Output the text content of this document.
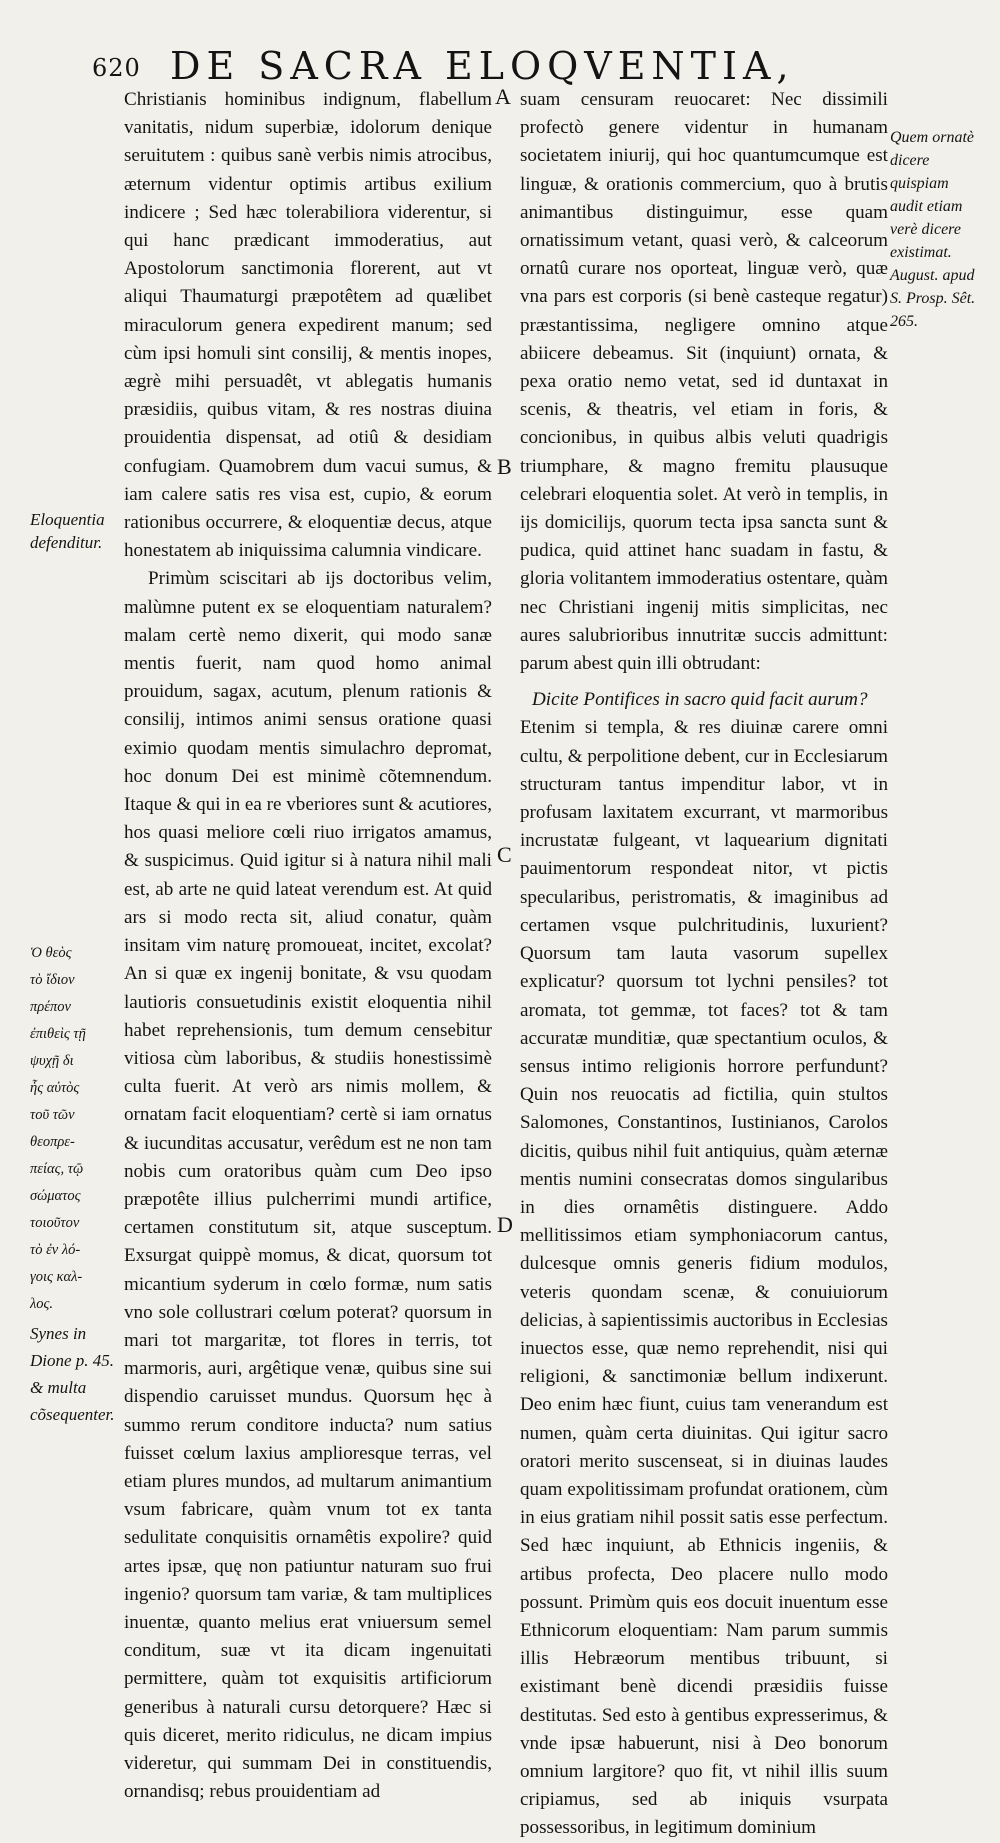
620 DE SACRA ELOQVENTIA,

Christianis hominibus indignum, flabellum vanitatis, nidum superbiæ, idolorum denique seruitutem : quibus sanè verbis nimis atrocibus, æternum videntur optimis artibus exilium indicere ; Sed hæc tolerabiliora viderentur, si qui hanc prædicant immoderatius, aut Apostolorum sanctimonia florerent, aut vt aliqui Thaumaturgi præpotêtem ad quælibet miraculorum genera expedirent manum; sed cùm ipsi homuli sint consilij, & mentis inopes, ægrè mihi persuadêt, vt ablegatis humanis præsidiis, quibus vitam, & res nostras diuina prouidentia dispensat, ad otiû & desidiam confugiam. Quamobrem dum vacui sumus, & iam calere satis res visa est, cupio, & eorum rationibus occurrere, & eloquentiæ decus, atque honestatem ab iniquissima calumnia vindicare.

Primùm sciscitari ab ijs doctoribus velim, malùmne putent ex se eloquentiam naturalem? malam certè nemo dixerit, qui modo sanæ mentis fuerit, nam quod homo animal prouidum, sagax, acutum, plenum rationis & consilij, intimos animi sensus oratione quasi eximio quodam mentis simulachro depromat, hoc donum Dei est minimè cõtemnendum. Itaque & qui in ea re vberiores sunt & acutiores, hos quasi meliore cœli riuo irrigatos amamus, & suspicimus. Quid igitur si à natura nihil mali est, ab arte ne quid lateat verendum est. At quid ars si modo recta sit, aliud conatur, quàm insitam vim naturę promoueat, incitet, excolat? An si quæ ex ingenij bonitate, & vsu quodam lautioris consuetudinis existit eloquentia nihil habet reprehensionis, tum demum censebitur vitiosa cùm laboribus, & studiis honestissimè culta fuerit. At verò ars nimis mollem, & ornatam facit eloquentiam? certè si iam ornatus & iucunditas accusatur, verêdum est ne non tam nobis cum oratoribus quàm cum Deo ipso præpotête illius pulcherrimi mundi artifice, certamen constitutum sit, atque susceptum. Exsurgat quippè momus, & dicat, quorsum tot micantium syderum in cœlo formæ, num satis vno sole collustrari cœlum poterat? quorsum in mari tot margaritæ, tot flores in terris, tot marmoris, auri, argêtique venæ, quibus sine sui dispendio caruisset mundus. Quorsum hęc à summo rerum conditore inducta? num satius fuisset cœlum laxius amplioresque terras, vel etiam plures mundos, ad multarum animantium vsum fabricare, quàm vnum tot ex tanta sedulitate conquisitis ornamêtis expolire? quid artes ipsæ, quę non patiuntur naturam suo frui ingenio? quorsum tam variæ, & tam multiplices inuentæ, quanto melius erat vniuersum semel conditum, suæ vt ita dicam ingenuitati permittere, quàm tot exquisitis artificiorum generibus à naturali cursu detorquere? Hæc si quis diceret, merito ridiculus, ne dicam impius videretur, qui summam Dei in constituendis, ornandisq; rebus prouidentiam ad

suam censuram reuocaret: Nec dissimili profectò genere videntur in humanam societatem iniurij, qui hoc quantumcumque est linguæ, & orationis commercium, quo à brutis animantibus distinguimur, esse quam ornatissimum vetant, quasi verò, & calceorum ornatû curare nos oporteat, linguæ verò, quæ vna pars est corporis (si benè casteque regatur) præstantissima, negligere omnino atque abiicere debeamus. Sit (inquiunt) ornata, & pexa oratio nemo vetat, sed id duntaxat in scenis, & theatris, vel etiam in foris, & concionibus, in quibus albis veluti quadrigis triumphare, & magno fremitu plausuque celebrari eloquentia solet. At verò in templis, in ijs domicilijs, quorum tecta ipsa sancta sunt & pudica, quid attinet hanc suadam in fastu, & gloria volitantem immoderatius ostentare, quàm nec Christiani ingenij mitis simplicitas, nec aures salubrioribus innutritæ succis admittunt: parum abest quin illi obtrudant:

Dicite Pontifices in sacro quid facit aurum?

Etenim si templa, & res diuinæ carere omni cultu, & perpolitione debent, cur in Ecclesiarum structuram tantus impenditur labor, vt in profusam laxitatem excurrant, vt marmoribus incrustatæ fulgeant, vt laquearium dignitati pauimentorum respondeat nitor, vt pictis specularibus, peristromatis, & imaginibus ad certamen vsque pulchritudinis, luxurient? Quorsum tam lauta vasorum supellex explicatur? quorsum tot lychni pensiles? tot aromata, tot gemmæ, tot faces? tot & tam accuratæ munditiæ, quæ spectantium oculos, & sensus intimo religionis horrore perfundunt? Quin nos reuocatis ad fictilia, quin stultos Salomones, Constantinos, Iustinianos, Carolos dicitis, quibus nihil fuit antiquius, quàm æternæ mentis numini consecratas domos singularibus in dies ornamêtis distinguere. Addo mellitissimos etiam symphoniacorum cantus, dulcesque omnis generis fidium modulos, veteris quondam scenæ, & conuiuiorum delicias, à sapientissimis auctoribus in Ecclesias inuectos esse, quæ nemo reprehendit, nisi qui religioni, & sanctimoniæ bellum indixerunt. Deo enim hæc fiunt, cuius tam venerandum est numen, quàm certa diuinitas. Qui igitur sacro oratori merito suscenseat, si in diuinas laudes quam expolitissimam profundat orationem, cùm in eius gratiam nihil possit satis esse perfectum. Sed hæc inquiunt, ab Ethnicis ingeniis, & artibus profecta, Deo placere nullo modo possunt. Primùm quis eos docuit inuentum esse Ethnicorum eloquentiam: Nam parum summis illis Hebræorum mentibus tribuunt, si existimant benè dicendi præsidiis fuisse destitutas. Sed esto à gentibus expresserimus, & vnde ipsæ habuerunt, nisi à Deo bonorum omnium largitore? quo fit, vt nihil illis suum cripiamus, sed ab iniquis vsurpata possessoribus, in legitimum dominium

A
B
C
D
Quem ornatè dicere quispiam audit etiam verè dicere existimat. August. apud S. Prosp. Sêt. 265.
Eloquentia defenditur.
Ὁ θεὸς
τὸ ἴδιον
πρέπον
ἐπιθεὶς τῇ
ψυχῇ δι
ἧς αὐτὸς
τοῦ τῶν
θεοπρε-
πείας, τῷ
σώματος
τοιοῦτον
τὸ ἐν λό-
γοις καλ-
λος.
Synes in Dione p. 45. & multa cõsequenter.
